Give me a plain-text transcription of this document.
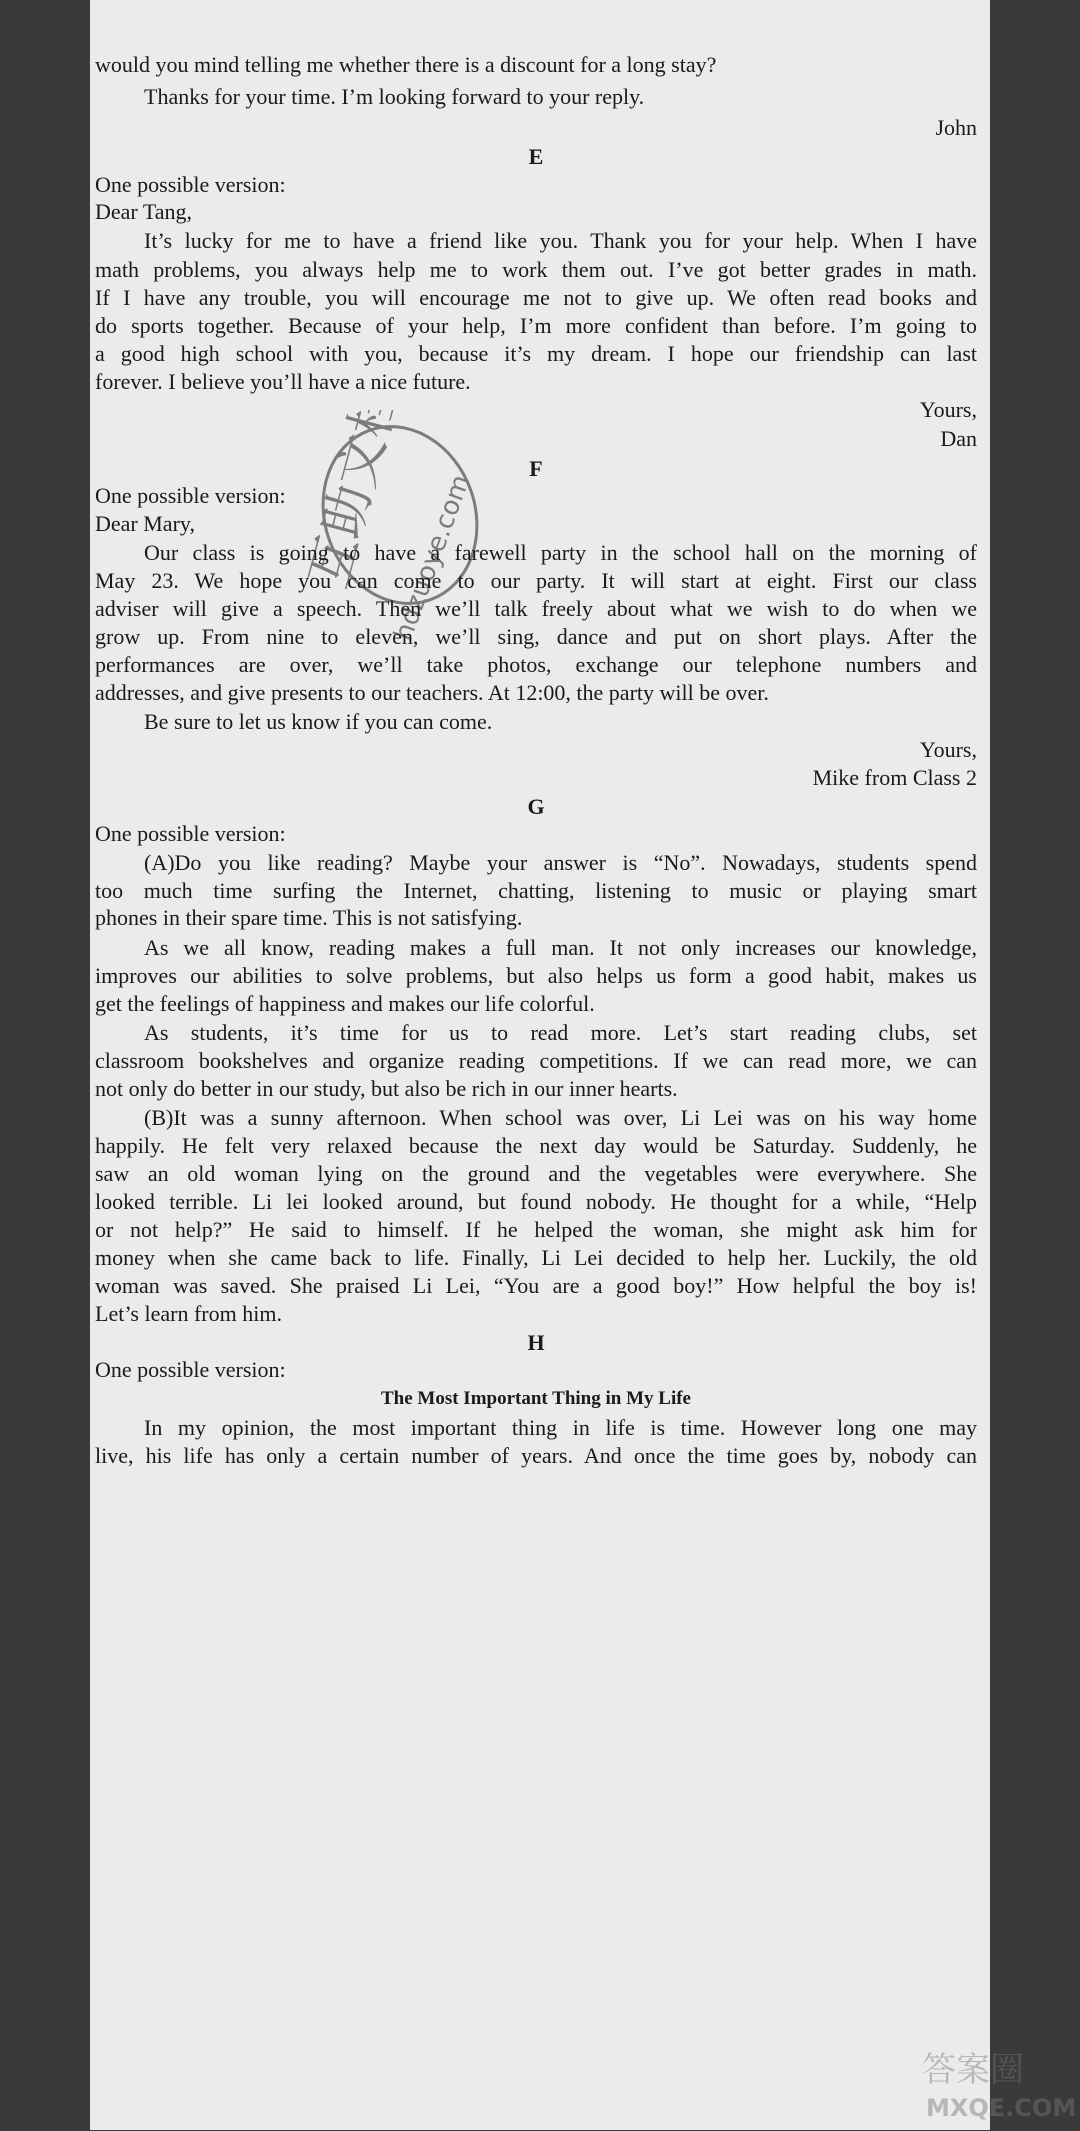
would you mind telling me whether there is a discount for a long stay?
Thanks for your time. I’m looking forward to your reply.
John
E
One possible version:
Dear Tang,
It’s lucky for me to have a friend like you. Thank you for your help. When I have
math problems, you always help me to work them out. I’ve got better grades in math.
If I have any trouble, you will encourage me not to give up. We often read books and
do sports together. Because of your help, I’m more confident than before. I’m going to
a good high school with you, because it’s my dream. I hope our friendship can last
forever. I believe you’ll have a nice future.
Yours,
Dan
F
One possible version:
Dear Mary,
Our class is going to have a farewell party in the school hall on the morning of
May 23. We hope you can come to our party. It will start at eight. First our class
adviser will give a speech. Then we’ll talk freely about what we wish to do when we
grow up. From nine to eleven, we’ll sing, dance and put on short plays. After the
performances are over, we’ll take photos, exchange our telephone numbers and
addresses, and give presents to our teachers. At 12:00, the party will be over.
Be sure to let us know if you can come.
Yours,
Mike from Class 2
G
One possible version:
(A)Do you like reading? Maybe your answer is “No”. Nowadays, students spend
too much time surfing the Internet, chatting, listening to music or playing smart
phones in their spare time. This is not satisfying.
As we all know, reading makes a full man. It not only increases our knowledge,
improves our abilities to solve problems, but also helps us form a good habit, makes us
get the feelings of happiness and makes our life colorful.
As students, it’s time for us to read more. Let’s start reading clubs, set
classroom bookshelves and organize reading competitions. If we can read more, we can
not only do better in our study, but also be rich in our inner hearts.
(B)It was a sunny afternoon. When school was over, Li Lei was on his way home
happily. He felt very relaxed because the next day would be Saturday. Suddenly, he
saw an old woman lying on the ground and the vegetables were everywhere. She
looked terrible. Li lei looked around, but found nobody. He thought for a while, “Help
or not help?” He said to himself. If he helped the woman, she might ask him for
money when she came back to life. Finally, Li Lei decided to help her. Luckily, the old
woman was saved. She praised Li Lei, “You are a good boy!” How helpful the boy is!
Let’s learn from him.
H
One possible version:
The Most Important Thing in My Life
In my opinion, the most important thing in life is time. However long one may
live, his life has only a certain number of years. And once the time goes by, nobody can
互助文档
hdzuoye.com
答案圈
MXQE.COM
